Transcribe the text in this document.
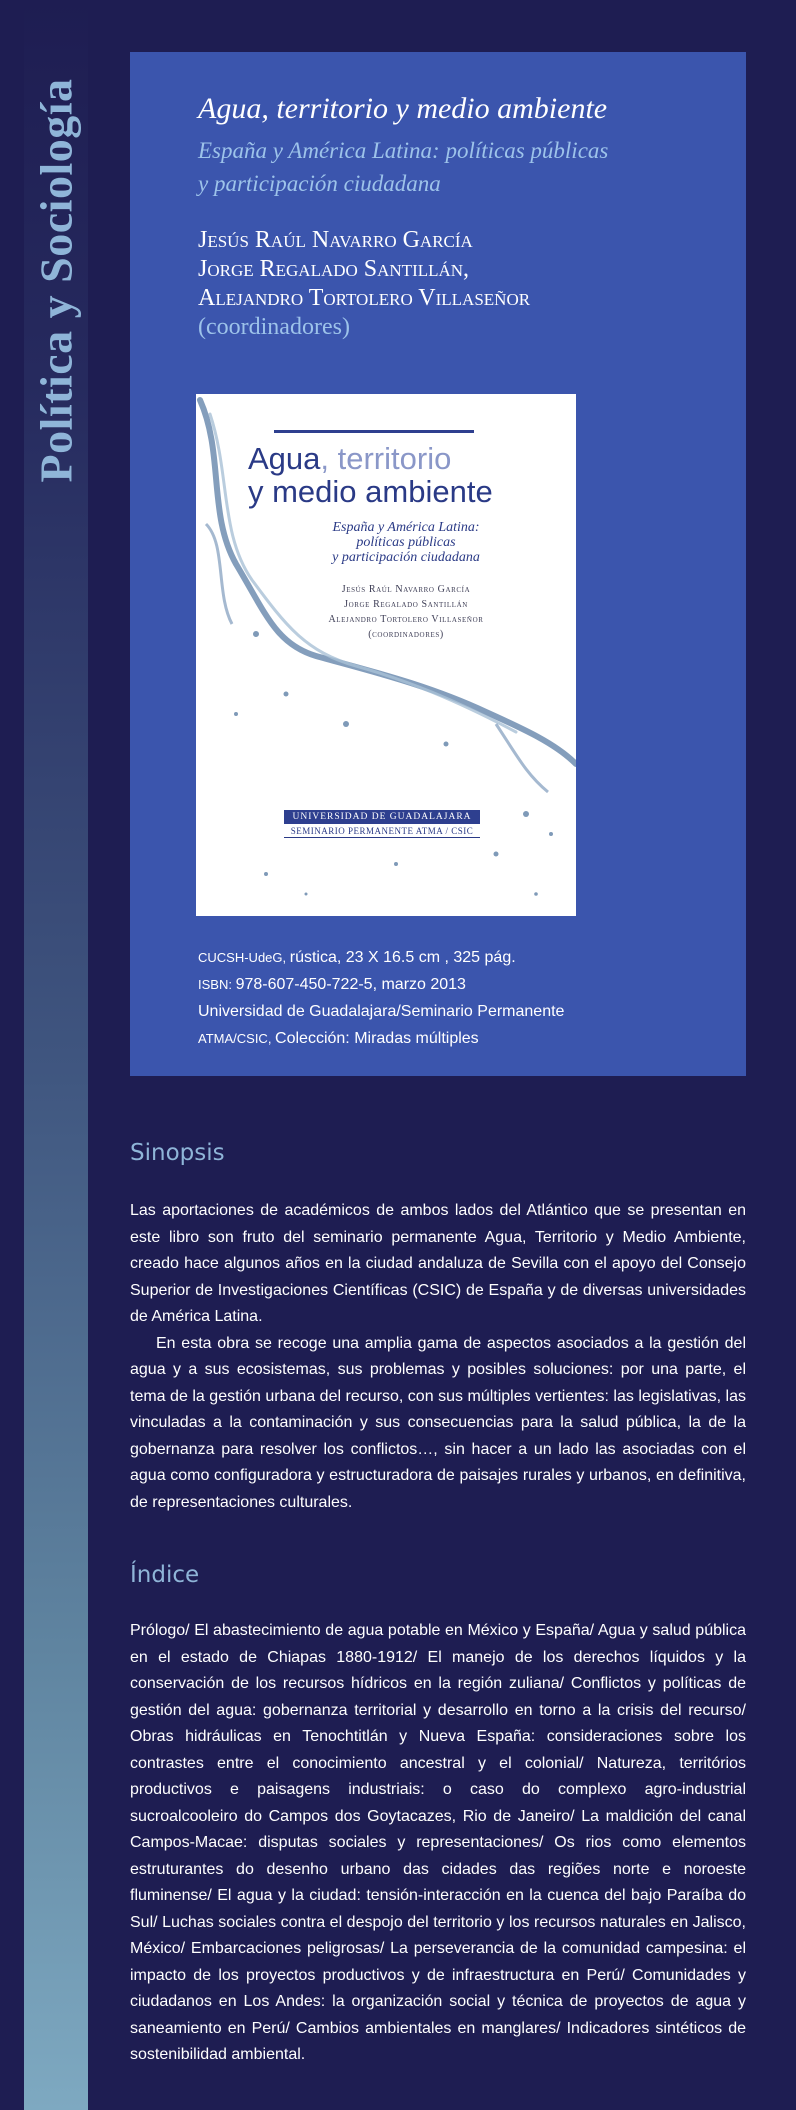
Política y Sociología	Agua, territorio y medio ambiente
España y América Latina: políticas públicas
y participación ciudadana
Jesús Raúl Navarro García
Jorge Regalado Santillán,
Alejandro Tortolero Villaseñor
(coordinadores)
Agua, territorio
y medio ambiente
España y América Latina:
políticas públicas
y participación ciudadana
Jesús Raúl Navarro García
Jorge Regalado Santillán
Alejandro Tortolero Villaseñor
(coordinadores)
UNIVERSIDAD DE GUADALAJARA
SEMINARIO PERMANENTE ATMA / CSIC
CUCSH-UdeG, rústica, 23 X 16.5 cm , 325 pág.
ISBN: 978-607-450-722-5, marzo 2013
Universidad de Guadalajara/Seminario Permanente
ATMA/CSIC, Colección: Miradas múltiples
Sinopsis

Las aportaciones de académicos de ambos lados del Atlántico que se presentan en este libro son fruto del seminario permanente Agua, Territorio y Medio Ambiente, creado hace algunos años en la ciudad andaluza de Sevilla con el apoyo del Consejo Superior de Investigaciones Científicas (CSIC) de España y de diversas universidades de América Latina.

En esta obra se recoge una amplia gama de aspectos asociados a la gestión del agua y a sus ecosistemas, sus problemas y posibles soluciones: por una parte, el tema de la gestión urbana del recurso, con sus múltiples vertientes: las legislativas, las vinculadas a la contaminación y sus consecuencias para la salud pública, la de la gobernanza para resolver los conflictos…, sin hacer a un lado las asociadas con el agua como configuradora y estructuradora de paisajes rurales y urbanos, en definitiva, de representaciones culturales.

Índice

Prólogo/ El abastecimiento de agua potable en México y España/ Agua y salud pública en el estado de Chiapas 1880-1912/ El manejo de los derechos líquidos y la conservación de los recursos hídricos en la región zuliana/ Conflictos y políticas de gestión del agua: gobernanza territorial y desarrollo en torno a la crisis del recurso/ Obras hidráulicas en Tenochtitlán y Nueva España: consideraciones sobre los contrastes entre el conocimiento ancestral y el colonial/ Natureza, territórios productivos e paisagens industriais: o caso do complexo agro-industrial sucroalcooleiro do Campos dos Goytacazes, Rio de Janeiro/ La maldición del canal Campos-Macae: disputas sociales y representaciones/ Os rios como elementos estruturantes do desenho urbano das cidades das regiões norte e noroeste fluminense/ El agua y la ciudad: tensión-interacción en la cuenca del bajo Paraíba do Sul/ Luchas sociales contra el despojo del territorio y los recursos naturales en Jalisco, México/ Embarcaciones peligrosas/ La perseverancia de la comunidad campesina: el impacto de los proyectos productivos y de infraestructura en Perú/ Comunidades y ciudadanos en Los Andes: la organización social y técnica de proyectos de agua y saneamiento en Perú/ Cambios ambientales en manglares/ Indicadores sintéticos de sostenibilidad ambiental.
